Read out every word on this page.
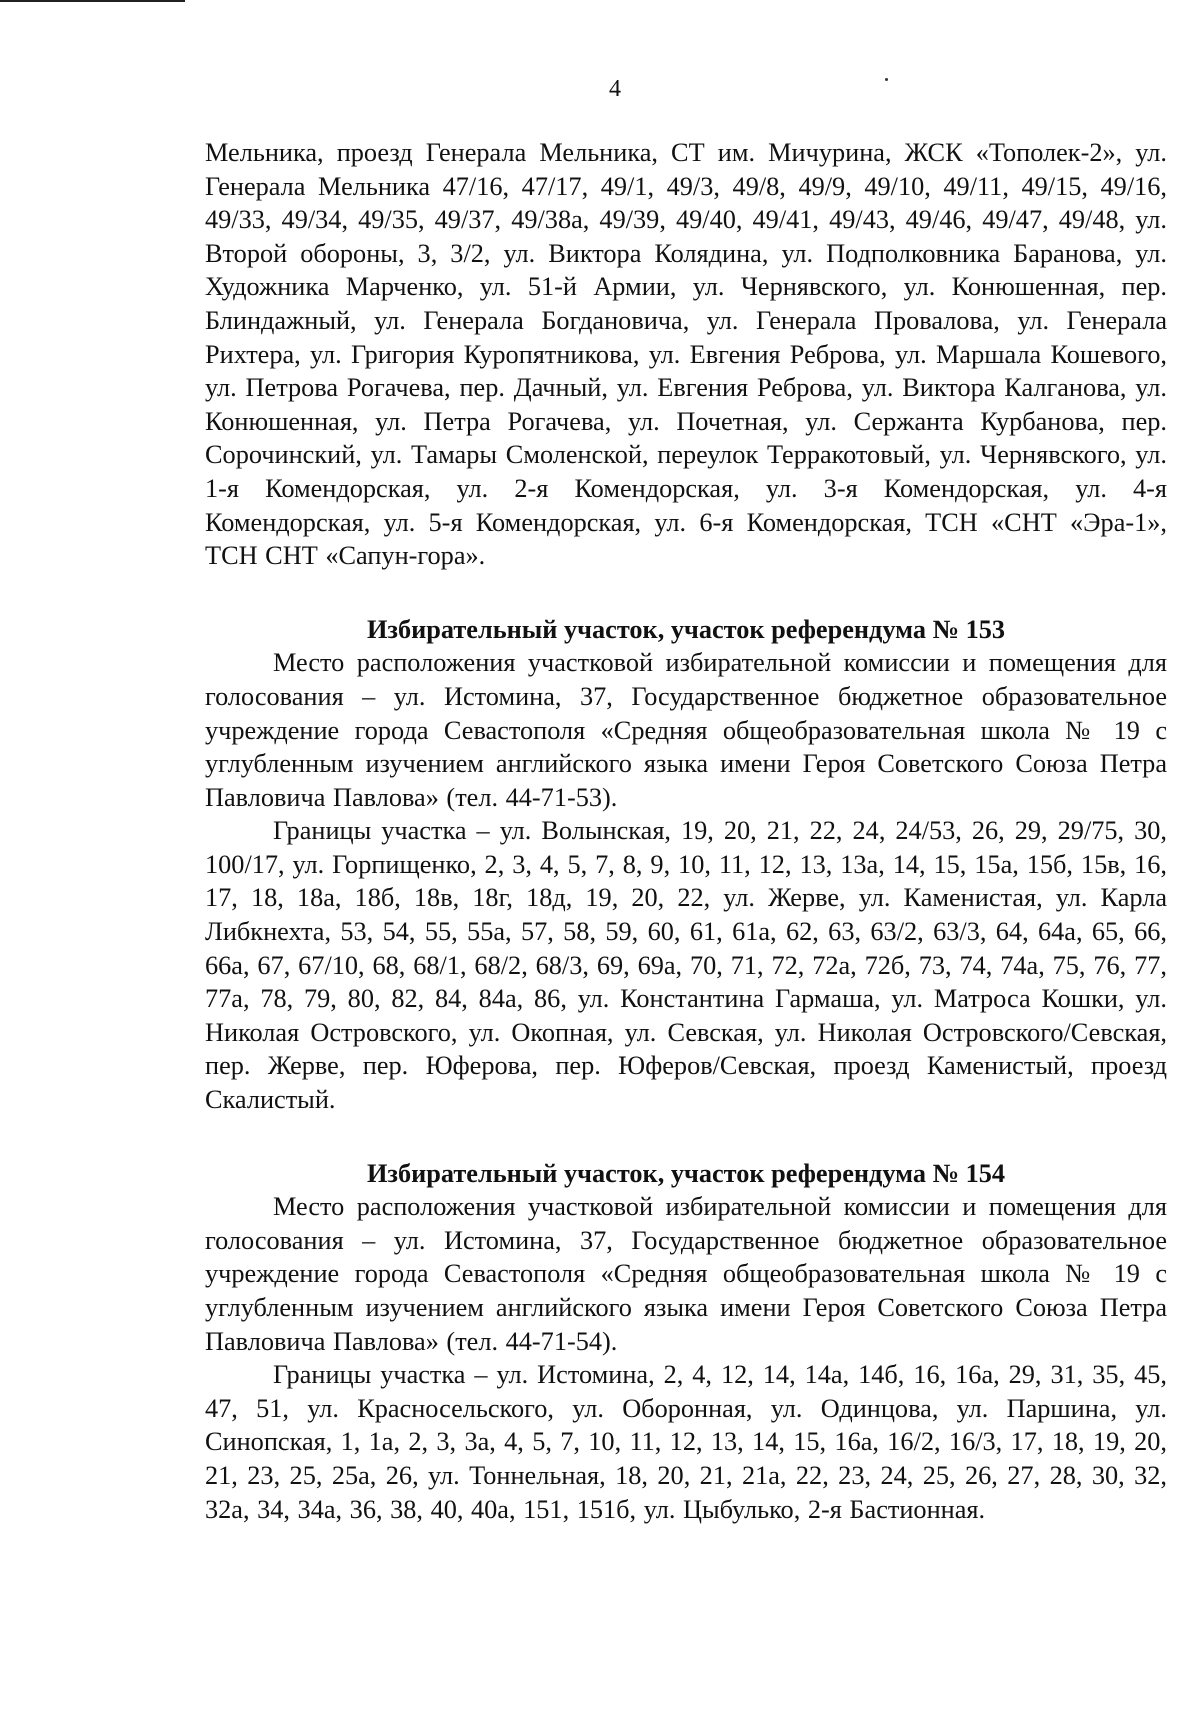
4

Мельника, проезд Генерала Мельника, СТ им. Мичурина, ЖСК «Тополек-2», ул. Генерала Мельника 47/16, 47/17, 49/1, 49/3, 49/8, 49/9, 49/10, 49/11, 49/15, 49/16, 49/33, 49/34, 49/35, 49/37, 49/38а, 49/39, 49/40, 49/41, 49/43, 49/46, 49/47, 49/48, ул. Второй обороны, 3, 3/2, ул. Виктора Колядина, ул. Подполковника Баранова, ул. Художника Марченко, ул. 51-й Армии, ул. Чернявского, ул. Конюшенная, пер. Блиндажный, ул. Генерала Богдановича, ул. Генерала Провалова, ул. Генерала Рихтера, ул. Григория Куропятникова, ул. Евгения Реброва, ул. Маршала Кошевого, ул. Петрова Рогачева, пер. Дачный, ул. Евгения Реброва, ул. Виктора Калганова, ул. Конюшенная, ул. Петра Рогачева, ул. Почетная, ул. Сержанта Курбанова, пер. Сорочинский, ул. Тамары Смоленской, переулок Терракотовый, ул. Чернявского, ул. 1-я Комендорская, ул. 2-я Комендорская, ул. 3-я Комендорская, ул. 4-я Комендорская, ул. 5-я Комендорская, ул. 6-я Комендорская, ТСН «СНТ «Эра-1», ТСН СНТ «Сапун-гора».

Избирательный участок, участок референдума № 153

Место расположения участковой избирательной комиссии и помещения для голосования – ул. Истомина, 37, Государственное бюджетное образовательное учреждение города Севастополя «Средняя общеобразовательная школа № 19 с углубленным изучением английского языка имени Героя Советского Союза Петра Павловича Павлова» (тел. 44-71-53).

Границы участка – ул. Волынская, 19, 20, 21, 22, 24, 24/53, 26, 29, 29/75, 30, 100/17, ул. Горпищенко, 2, 3, 4, 5, 7, 8, 9, 10, 11, 12, 13, 13а, 14, 15, 15а, 15б, 15в, 16, 17, 18, 18а, 18б, 18в, 18г, 18д, 19, 20, 22, ул. Жерве, ул. Каменистая, ул. Карла Либкнехта, 53, 54, 55, 55а, 57, 58, 59, 60, 61, 61а, 62, 63, 63/2, 63/3, 64, 64а, 65, 66, 66а, 67, 67/10, 68, 68/1, 68/2, 68/3, 69, 69а, 70, 71, 72, 72а, 72б, 73, 74, 74а, 75, 76, 77, 77а, 78, 79, 80, 82, 84, 84а, 86, ул. Константина Гармаша, ул. Матроса Кошки, ул. Николая Островского, ул. Окопная, ул. Севская, ул. Николая Островского/Севская, пер. Жерве, пер. Юферова, пер. Юферов/Севская, проезд Каменистый, проезд Скалистый.

Избирательный участок, участок референдума № 154

Место расположения участковой избирательной комиссии и помещения для голосования – ул. Истомина, 37, Государственное бюджетное образовательное учреждение города Севастополя «Средняя общеобразовательная школа № 19 с углубленным изучением английского языка имени Героя Советского Союза Петра Павловича Павлова» (тел. 44-71-54).

Границы участка – ул. Истомина, 2, 4, 12, 14, 14а, 14б, 16, 16а, 29, 31, 35, 45, 47, 51, ул. Красносельского, ул. Оборонная, ул. Одинцова, ул. Паршина, ул. Синопская, 1, 1а, 2, 3, 3а, 4, 5, 7, 10, 11, 12, 13, 14, 15, 16а, 16/2, 16/3, 17, 18, 19, 20, 21, 23, 25, 25а, 26, ул. Тоннельная, 18, 20, 21, 21а, 22, 23, 24, 25, 26, 27, 28, 30, 32, 32а, 34, 34а, 36, 38, 40, 40а, 151, 151б, ул. Цыбулько, 2-я Бастионная.
